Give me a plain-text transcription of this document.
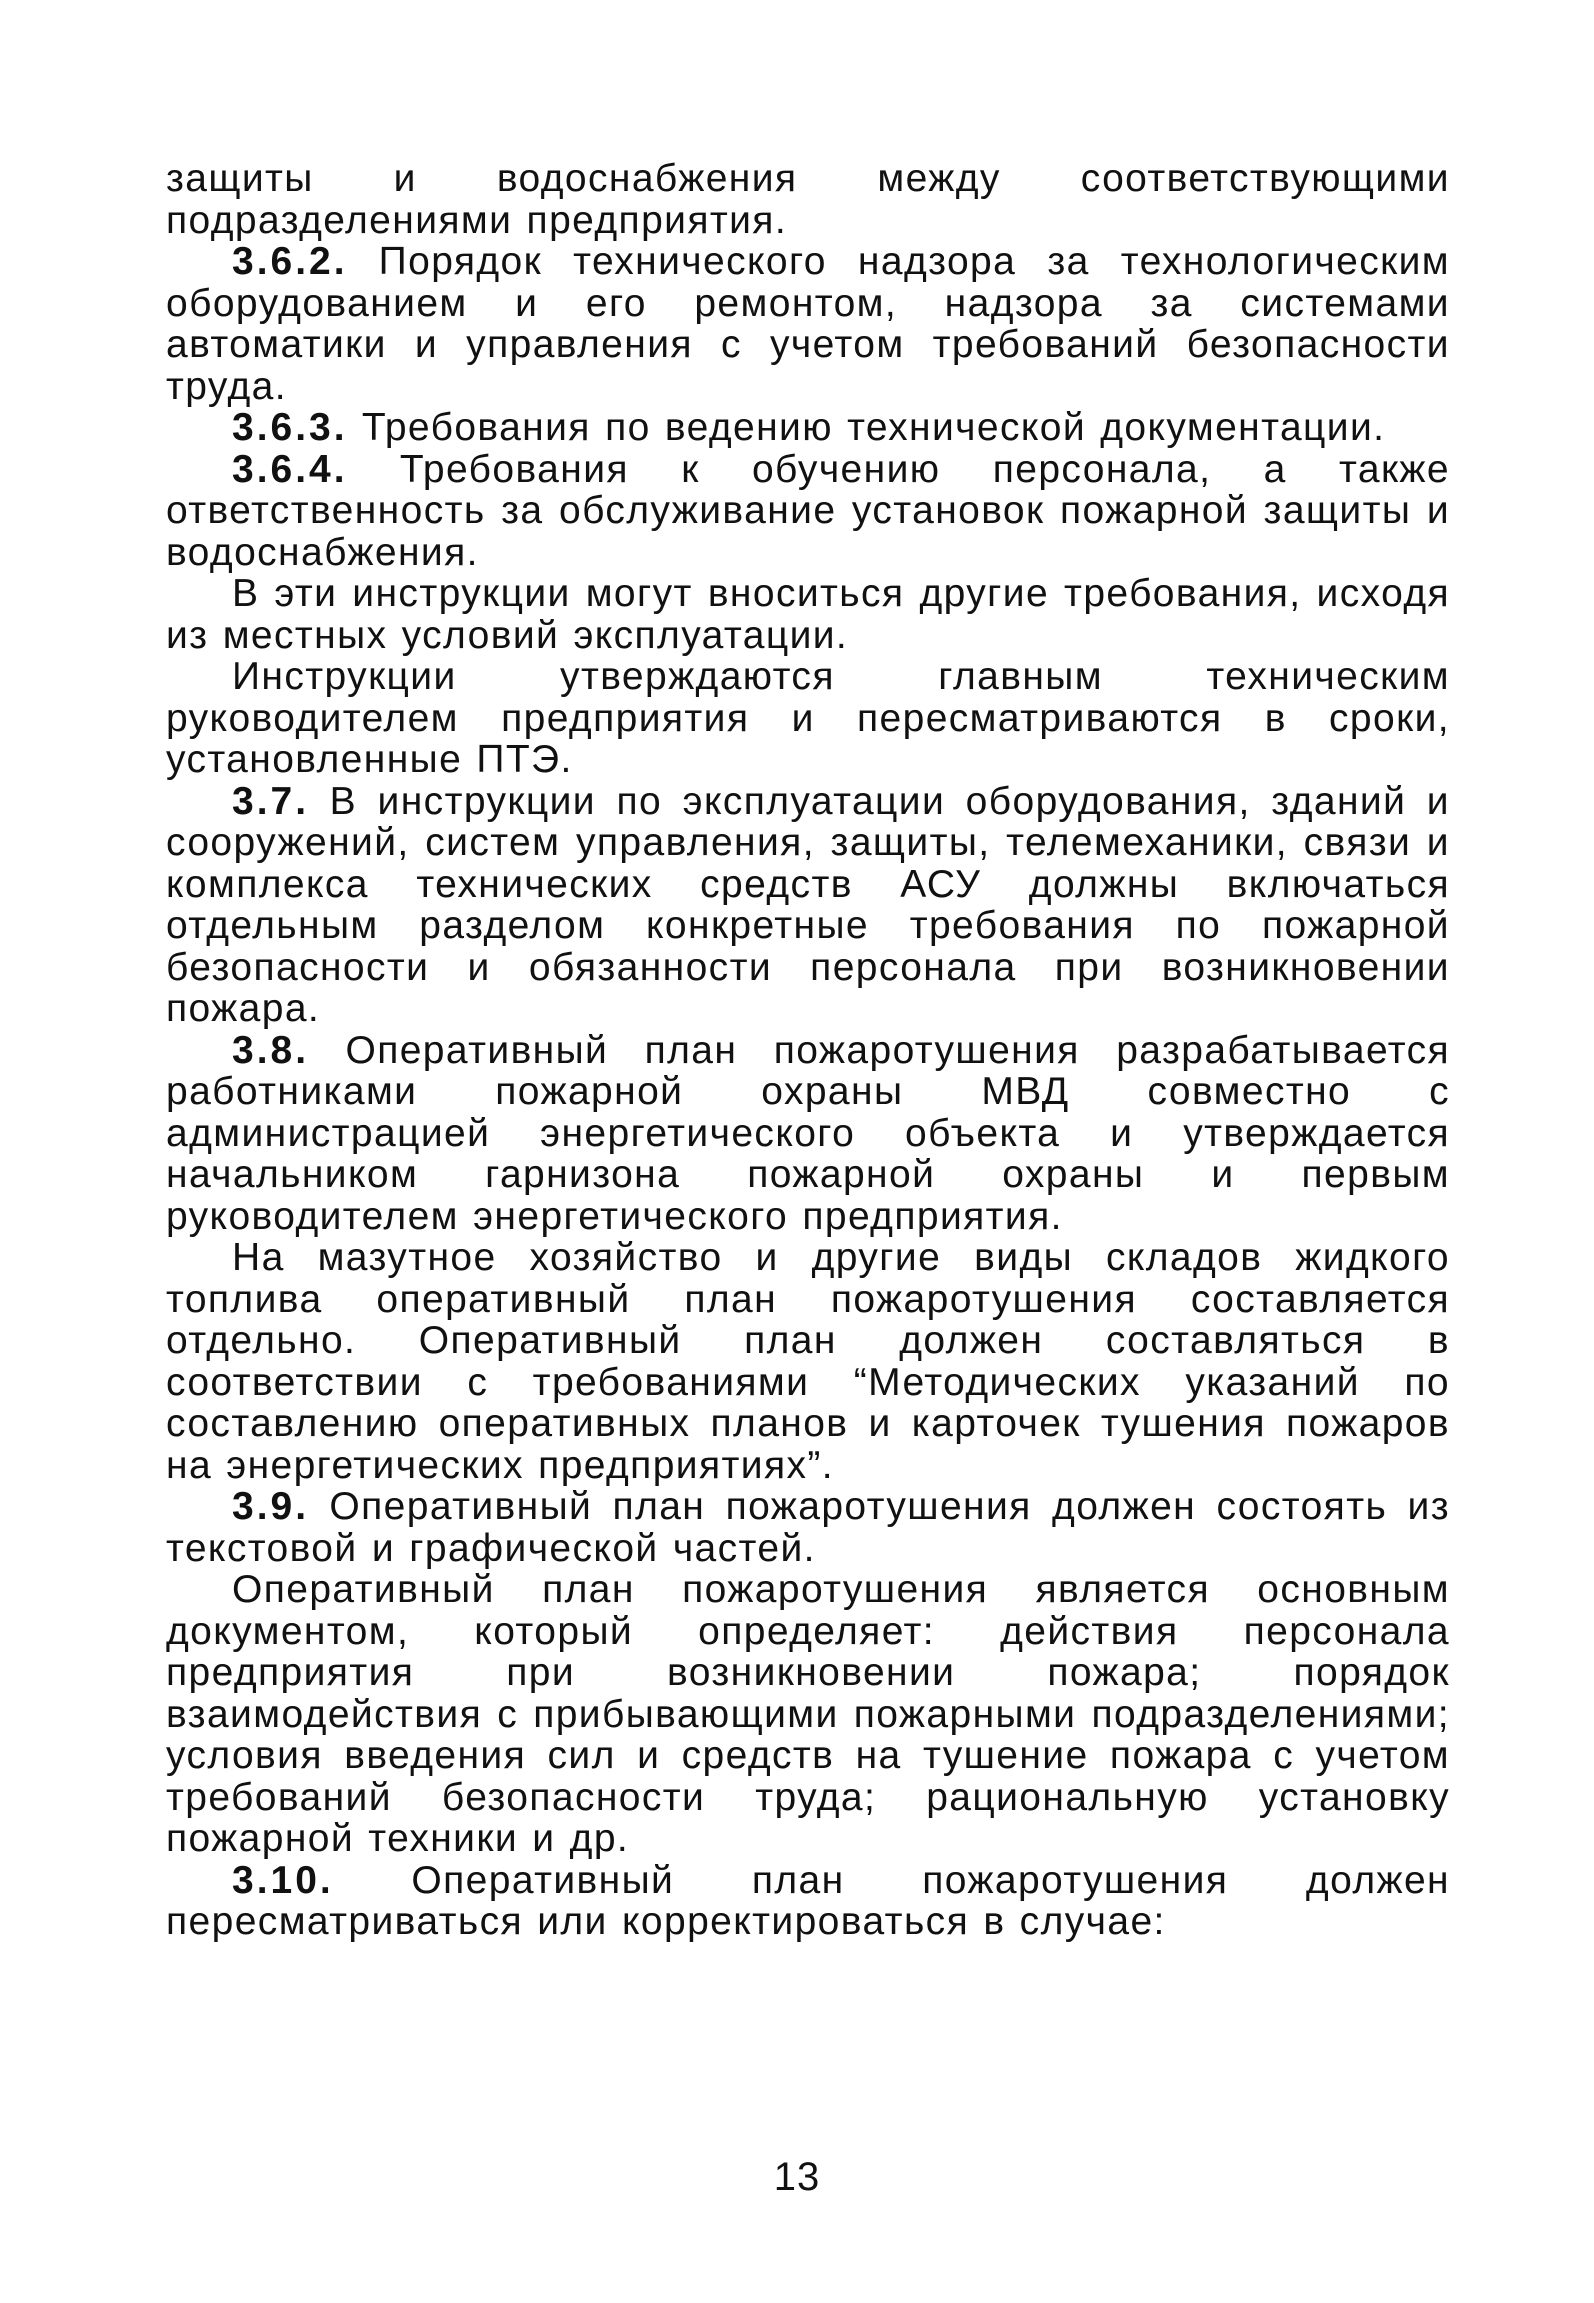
защиты и водоснабжения между соответствующими подразделениями предприятия.

3.6.2. Порядок технического надзора за технологическим оборудованием и его ремонтом, надзора за системами автоматики и управления с учетом требований безопасности труда.

3.6.3. Требования по ведению технической документации.

3.6.4. Требования к обучению персонала, а также ответственность за обслуживание установок пожарной защиты и водоснабжения.

В эти инструкции могут вноситься другие требования, исходя из местных условий эксплуатации.

Инструкции утверждаются главным техническим руководителем предприятия и пересматриваются в сроки, установленные ПТЭ.

3.7. В инструкции по эксплуатации оборудования, зданий и сооружений, систем управления, защиты, телемеханики, связи и комплекса технических средств АСУ должны включаться отдельным разделом конкретные требования по пожарной безопасности и обязанности персонала при возникновении пожара.

3.8. Оперативный план пожаротушения разрабатывается работниками пожарной охраны МВД совместно с администрацией энергетического объекта и утверждается начальником гарнизона пожарной охраны и первым руководителем энергетического предприятия.

На мазутное хозяйство и другие виды складов жидкого топлива оперативный план пожаротушения составляется отдельно. Оперативный план должен составляться в соответствии с требованиями “Методических указаний по составлению оперативных планов и карточек тушения пожаров на энергетических предприятиях”.

3.9. Оперативный план пожаротушения должен состоять из текстовой и графической частей.

Оперативный план пожаротушения является основным документом, который определяет: действия персонала предприятия при возникновении пожара; порядок взаимодействия с прибывающими пожарными подразделениями; условия введения сил и средств на тушение пожара с учетом требований безопасности труда; рациональную установку пожарной техники и др.

3.10. Оперативный план пожаротушения должен пересматриваться или корректироваться в случае:

13
